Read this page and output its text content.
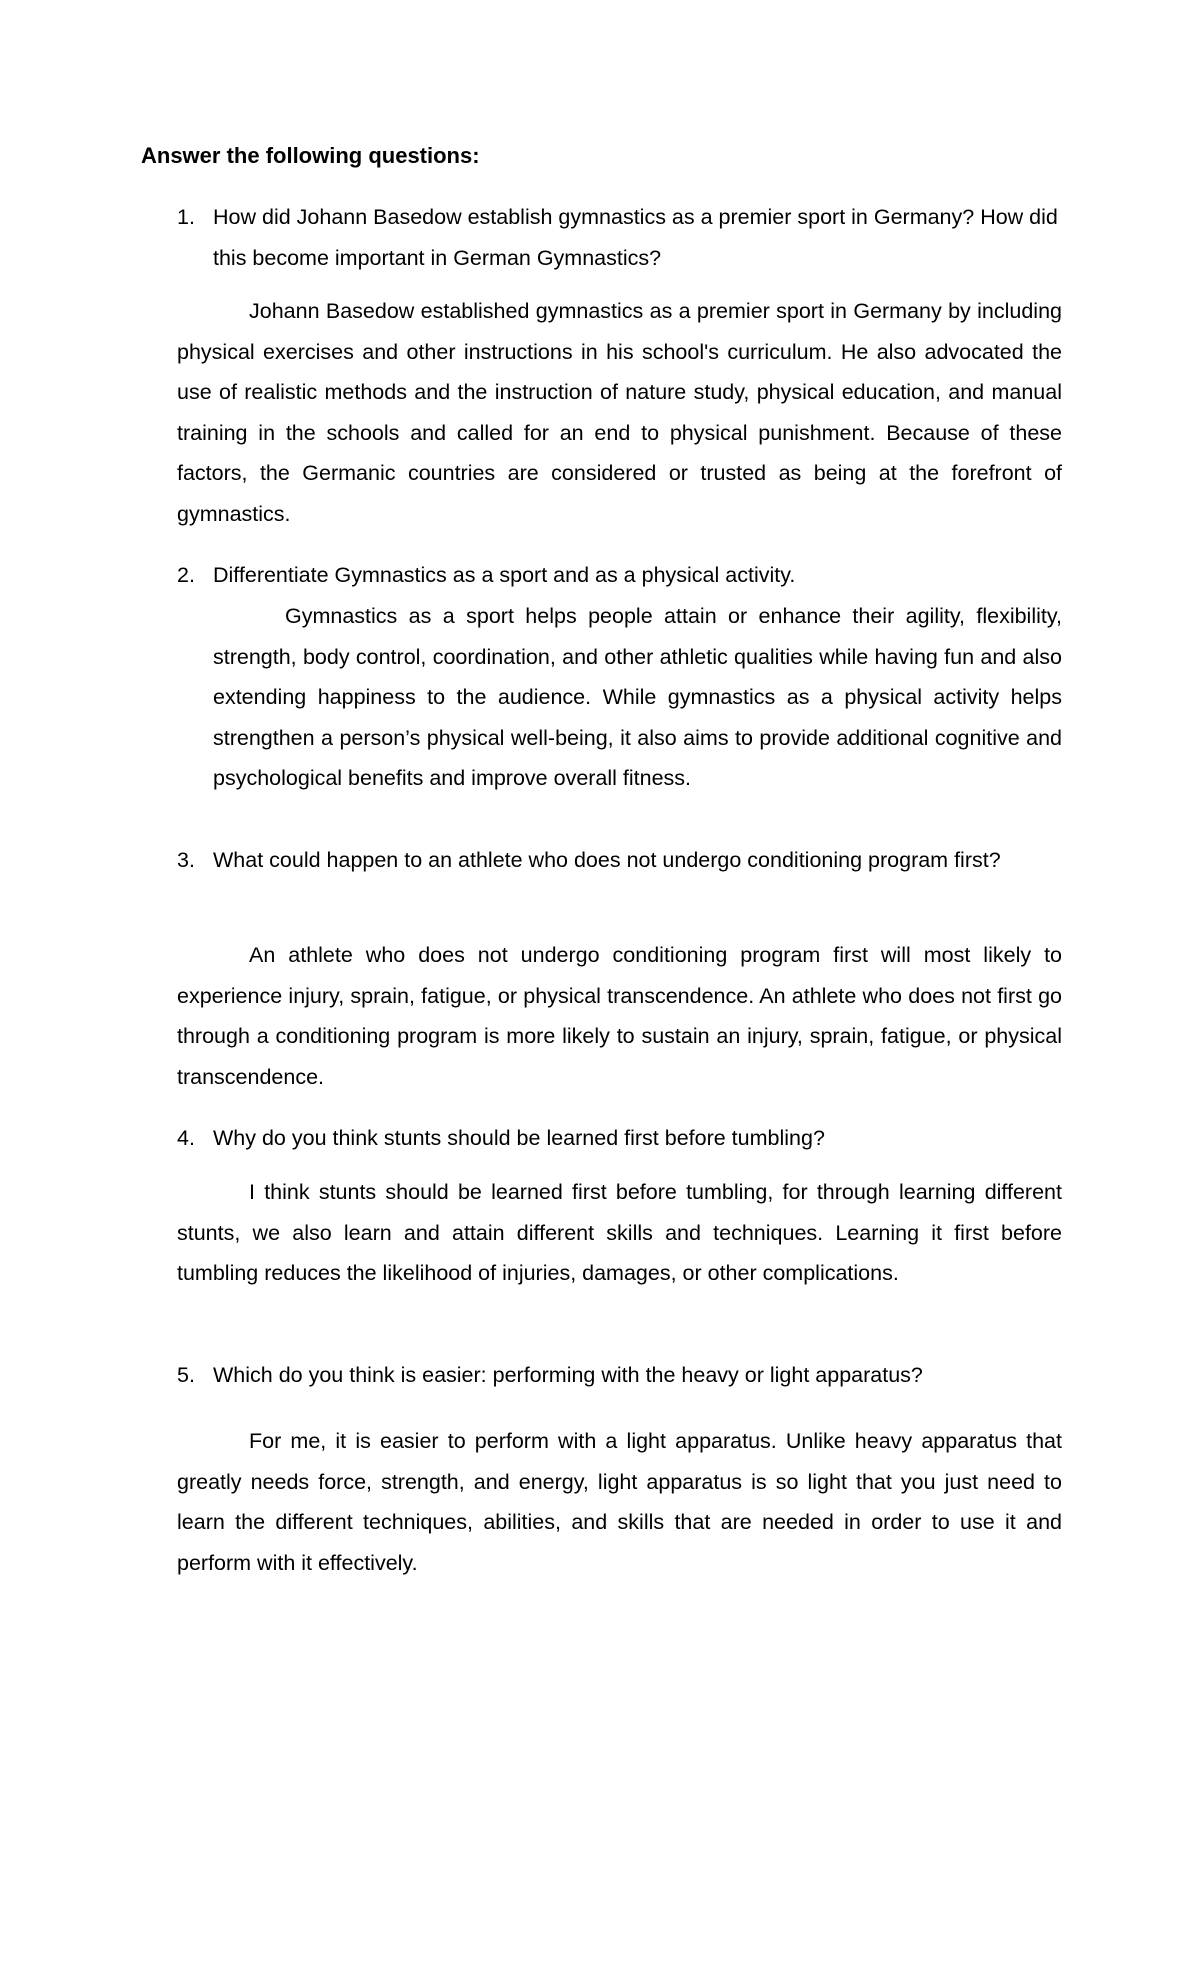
Answer the following questions:
1. How did Johann Basedow establish gymnastics as a premier sport in Germany? How did this become important in German Gymnastics?

Johann Basedow established gymnastics as a premier sport in Germany by including physical exercises and other instructions in his school's curriculum. He also advocated the use of realistic methods and the instruction of nature study, physical education, and manual training in the schools and called for an end to physical punishment. Because of these factors, the Germanic countries are considered or trusted as being at the forefront of gymnastics.

2. Differentiate Gymnastics as a sport and as a physical activity.

Gymnastics as a sport helps people attain or enhance their agility, flexibility, strength, body control, coordination, and other athletic qualities while having fun and also extending happiness to the audience. While gymnastics as a physical activity helps strengthen a person’s physical well-being, it also aims to provide additional cognitive and psychological benefits and improve overall fitness.

3. What could happen to an athlete who does not undergo conditioning program first?

An athlete who does not undergo conditioning program first will most likely to experience injury, sprain, fatigue, or physical transcendence. An athlete who does not first go through a conditioning program is more likely to sustain an injury, sprain, fatigue, or physical transcendence.

4. Why do you think stunts should be learned first before tumbling?

I think stunts should be learned first before tumbling, for through learning different stunts, we also learn and attain different skills and techniques. Learning it first before tumbling reduces the likelihood of injuries, damages, or other complications.

5. Which do you think is easier: performing with the heavy or light apparatus?

For me, it is easier to perform with a light apparatus. Unlike heavy apparatus that greatly needs force, strength, and energy, light apparatus is so light that you just need to learn the different techniques, abilities, and skills that are needed in order to use it and perform with it effectively.
